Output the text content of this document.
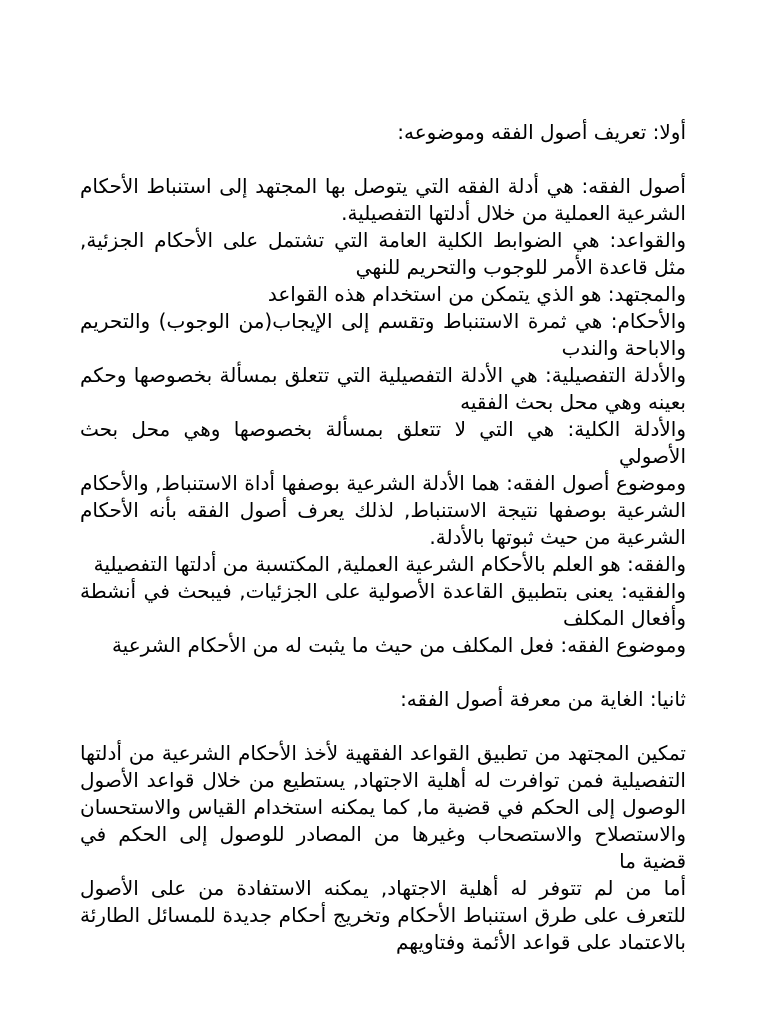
أولا: تعريف أصول الفقه وموضوعه:

أصول الفقه: هي أدلة الفقه التي يتوصل بها المجتهد إلى استنباط الأحكام الشرعية العملية من خلال أدلتها التفصيلية.

والقواعد: هي الضوابط الكلية العامة التي تشتمل على الأحكام الجزئية, مثل قاعدة الأمر للوجوب والتحريم للنهي

والمجتهد: هو الذي يتمكن من استخدام هذه القواعد

والأحكام: هي ثمرة الاستنباط وتقسم إلى الإيجاب(من الوجوب) والتحريم والاباحة والندب

والأدلة التفصيلية: هي الأدلة التفصيلية التي تتعلق بمسألة بخصوصها وحكم بعينه وهي محل بحث الفقيه

والأدلة الكلية: هي التي لا تتعلق بمسألة بخصوصها وهي محل بحث الأصولي

وموضوع أصول الفقه: هما الأدلة الشرعية بوصفها أداة الاستنباط, والأحكام الشرعية بوصفها نتيجة الاستنباط, لذلك يعرف أصول الفقه بأنه الأحكام الشرعية من حيث ثبوتها بالأدلة.

والفقه: هو العلم بالأحكام الشرعية العملية, المكتسبة من أدلتها التفصيلية

والفقيه: يعنى بتطبيق القاعدة الأصولية على الجزئيات, فيبحث في أنشطة وأفعال المكلف

وموضوع الفقه: فعل المكلف من حيث ما يثبت له من الأحكام الشرعية

ثانيا: الغاية من معرفة أصول الفقه:

تمكين المجتهد من تطبيق القواعد الفقهية لأخذ الأحكام الشرعية من أدلتها التفصيلية فمن توافرت له أهلية الاجتهاد, يستطيع من خلال قواعد الأصول الوصول إلى الحكم في قضية ما, كما يمكنه استخدام القياس والاستحسان والاستصلاح والاستصحاب وغيرها من المصادر للوصول إلى الحكم في قضية ما

أما من لم تتوفر له أهلية الاجتهاد, يمكنه الاستفادة من على الأصول للتعرف على طرق استنباط الأحكام وتخريج أحكام جديدة للمسائل الطارئة بالاعتماد على قواعد الأئمة وفتاويهم
